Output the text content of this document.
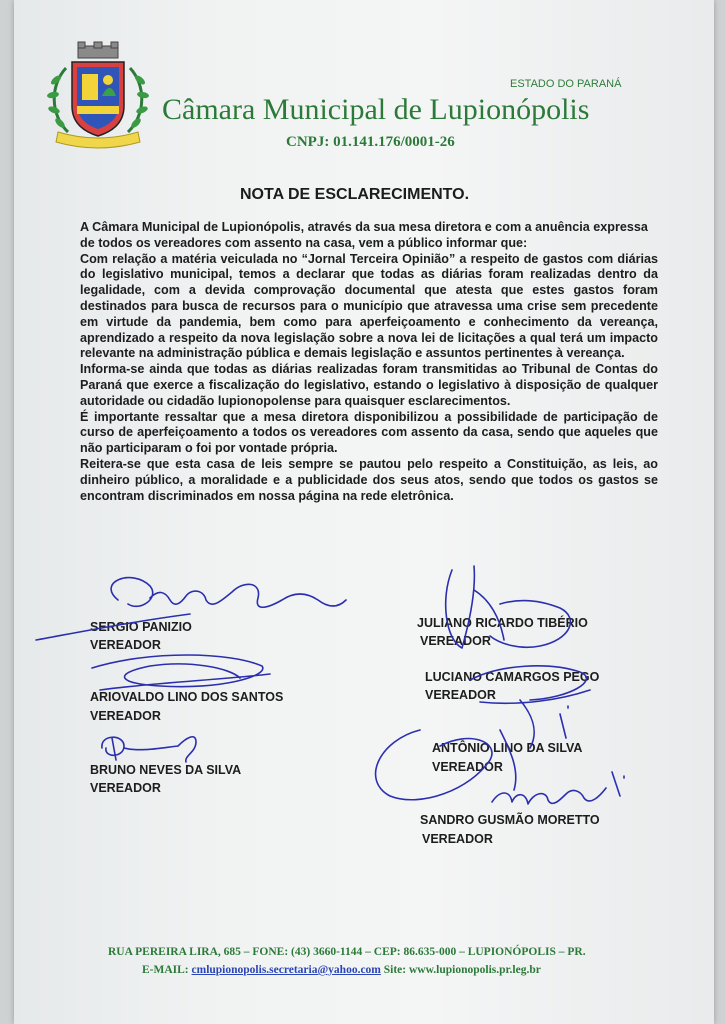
ESTADO DO PARANÁ
Câmara Municipal de Lupionópolis
CNPJ: 01.141.176/0001-26
NOTA DE ESCLARECIMENTO.

A Câmara Municipal de Lupionópolis, através da sua mesa diretora e com a anuência expressa de todos os vereadores com assento na casa, vem a público informar que:

Com relação a matéria veiculada no “Jornal Terceira Opinião” a respeito de gastos com diárias do legislativo municipal, temos a declarar que todas as diárias foram realizadas dentro da legalidade, com a devida comprovação documental que atesta que estes gastos foram destinados para busca de recursos para o município que atravessa uma crise sem precedente em virtude da pandemia, bem como para aperfeiçoamento e conhecimento da vereança, aprendizado a respeito da nova legislação sobre a nova lei de licitações a qual terá um impacto relevante na administração pública e demais legislação e assuntos pertinentes à vereança.

Informa-se ainda que todas as diárias realizadas foram transmitidas ao Tribunal de Contas do Paraná que exerce a fiscalização do legislativo, estando o legislativo à disposição de qualquer autoridade ou cidadão lupionopolense para quaisquer esclarecimentos.

É importante ressaltar que a mesa diretora disponibilizou a possibilidade de participação de curso de aperfeiçoamento a todos os vereadores com assento da casa, sendo que aqueles que não participaram o foi por vontade própria.

Reitera-se que esta casa de leis sempre se pautou pelo respeito a Constituição, as leis, ao dinheiro público, a moralidade e a publicidade dos seus atos, sendo que todos os gastos se encontram discriminados em nossa página na rede eletrônica.

SERGIO PANIZIO
VEREADOR
ARIOVALDO LINO DOS SANTOS
VEREADOR
BRUNO NEVES DA SILVA
VEREADOR
JULIANO RICARDO TIBÉRIO
VEREADOR
LUCIANO CAMARGOS PEGO
VEREADOR
ANTÔNIO LINO DA SILVA
VEREADOR
SANDRO GUSMÃO MORETTO
VEREADOR
RUA PEREIRA LIRA, 685 – FONE: (43) 3660-1144 – CEP: 86.635-000 – LUPIONÓPOLIS – PR.
E-MAIL: cmlupionopolis.secretaria@yahoo.com Site: www.lupionopolis.pr.leg.br
